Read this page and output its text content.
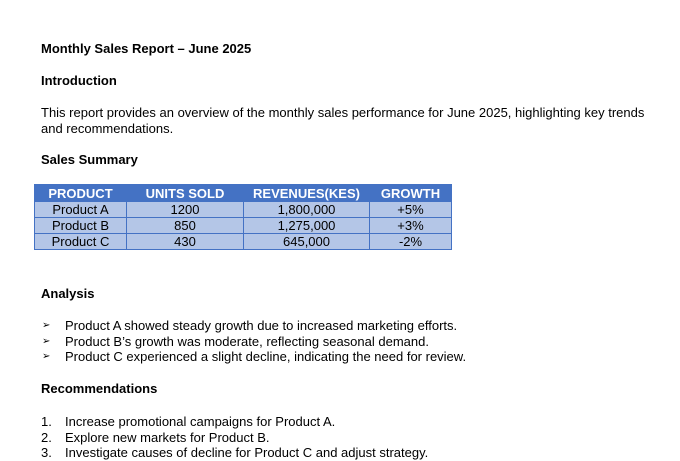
Monthly Sales Report – June 2025
Introduction

This report provides an overview of the monthly sales performance for June 2025, highlighting key trends and recommendations.

Sales Summary
PRODUCT	UNITS SOLD	REVENUES(KES)	GROWTH
Product A	1200	1,800,000	+5%
Product B	850	1,275,000	+3%
Product C	430	645,000	-2%
Analysis
➢	Product A showed steady growth due to increased marketing efforts.
➢	Product B’s growth was moderate, reflecting seasonal demand.
➢	Product C experienced a slight decline, indicating the need for review.
Recommendations
1.	Increase promotional campaigns for Product A.
2.	Explore new markets for Product B.
3.	Investigate causes of decline for Product C and adjust strategy.
